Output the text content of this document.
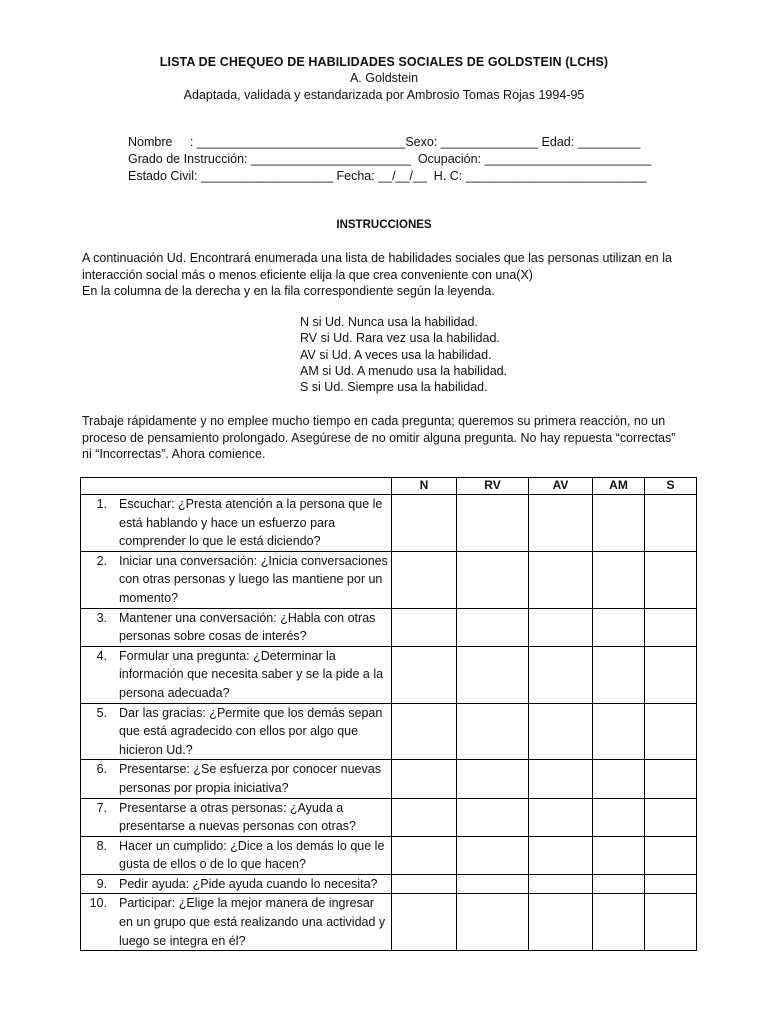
LISTA DE CHEQUEO DE HABILIDADES SOCIALES DE GOLDSTEIN (LCHS)
A. Goldstein
Adaptada, validada y estandarizada por Ambrosio Tomas Rojas 1994-95
Nombre     : ______________________________Sexo: ______________ Edad: _________
Grado de Instrucción: _______________________  Ocupación: ________________________
Estado Civil: ___________________ Fecha: __/__/__  H. C: __________________________
INSTRUCCIONES
A continuación Ud. Encontrará enumerada una lista de habilidades sociales que las personas utilizan en la
interacción social más o menos eficiente elija la que crea conveniente con una(X)
En la columna de la derecha y en la fila correspondiente según la leyenda.
N si Ud. Nunca usa la habilidad.
RV si Ud. Rara vez usa la habilidad.
AV si Ud. A veces usa la habilidad.
AM si Ud. A menudo usa la habilidad.
S si Ud. Siempre usa la habilidad.
Trabaje rápidamente y no emplee mucho tiempo en cada pregunta; queremos su primera reacción, no un
proceso de pensamiento prolongado. Asegúrese de no omitir alguna pregunta. No hay repuesta “correctas”
ni “Incorrectas”. Ahora comience.
	N	RV	AV	AM	S

1. Escuchar: ¿Presta atención a la persona que le
está hablando y hace un esfuerzo para
comprender lo que le está diciendo?					

2. Iniciar una conversación: ¿Inicia conversaciones
con otras personas y luego las mantiene por un
momento?					

3. Mantener una conversación: ¿Habla con otras
personas sobre cosas de interés?					

4. Formular una pregunta: ¿Determinar la
información que necesita saber y se la pide a la
persona adecuada?					

5. Dar las gracias: ¿Permite que los demás sepan
que está agradecido con ellos por algo que
hicieron Ud.?					

6. Presentarse: ¿Se esfuerza por conocer nuevas
personas por propia iniciativa?					

7. Presentarse a otras personas: ¿Ayuda a
presentarse a nuevas personas con otras?					

8. Hacer un cumplido: ¿Dice a los demás lo que le
gusta de ellos o de lo que hacen?					

9. Pedir ayuda: ¿Pide ayuda cuando lo necesita?					

10. Participar: ¿Elige la mejor manera de ingresar
en un grupo que está realizando una actividad y
luego se integra en él?					
